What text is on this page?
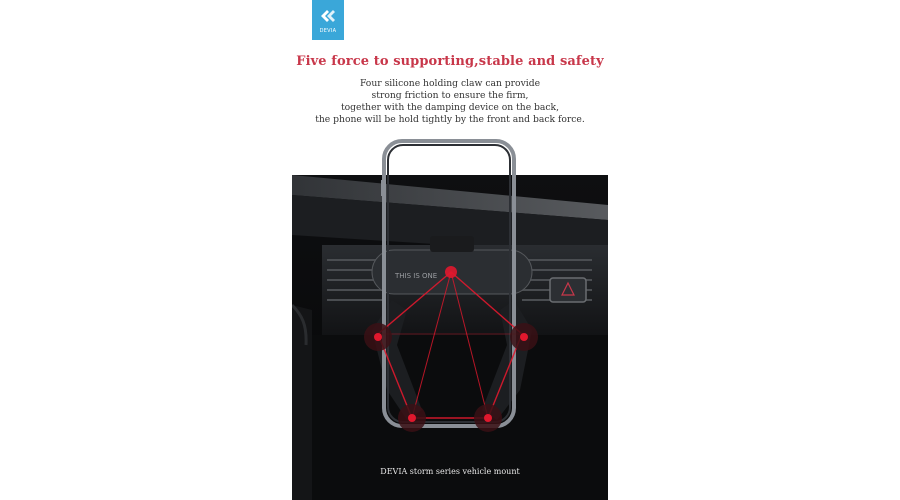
DEVIA
Five force to supporting,stable and safety
Four silicone holding claw can provide
strong friction to ensure the firm,
together with the damping device on the back,
the phone will be hold tightly by the front and back force.
DEVIA storm series vehicle mount
THIS IS ONE
